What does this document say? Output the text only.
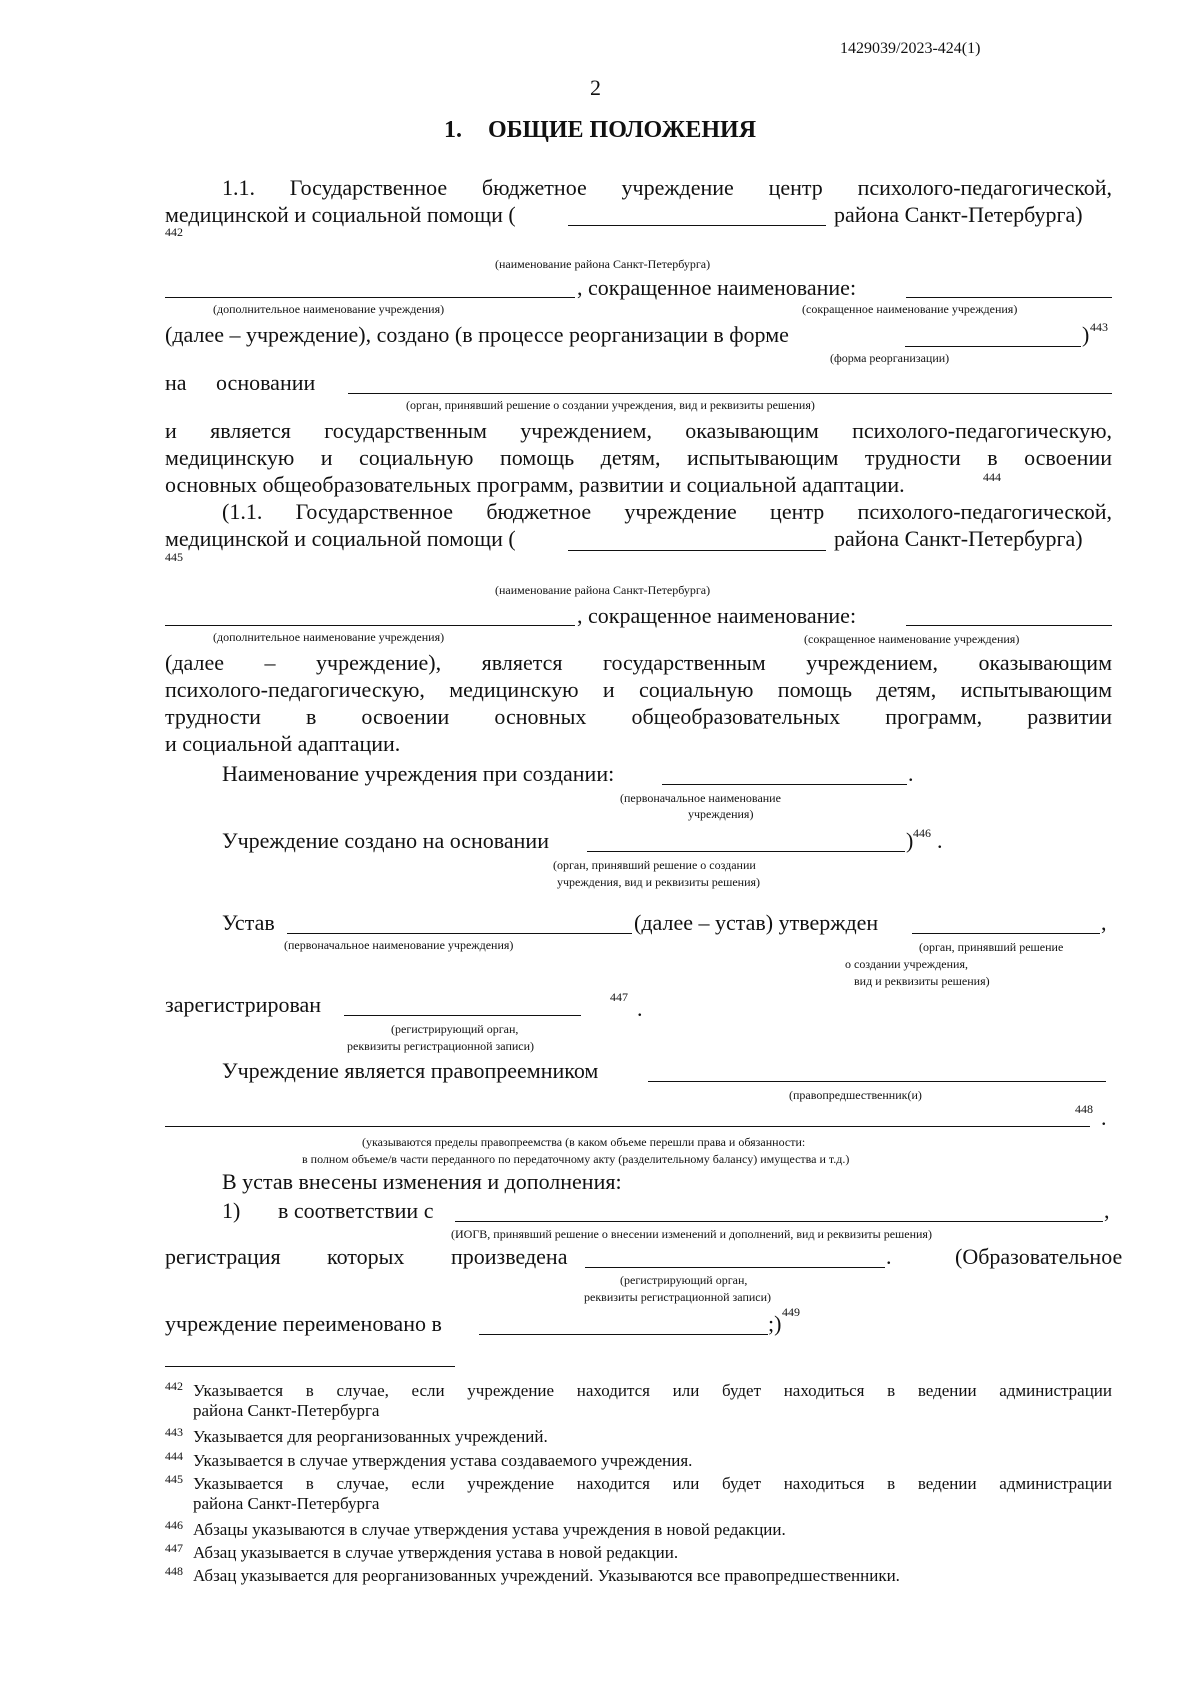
1429039/2023-424(1)
2
1. ОБЩИЕ ПОЛОЖЕНИЯ
1.1. Государственное бюджетное учреждение центр психолого-педагогической,
медицинской и социальной помощи (	района Санкт-Петербурга)
442
(наименование района Санкт-Петербурга)
, сокращенное наименование:
(дополнительное наименование учреждения)	(сокращенное наименование учреждения)
(далее – учреждение), создано (в процессе реорганизации в форме	) 443
(форма реорганизации)
на основании
(орган, принявший решение о создании учреждения, вид и реквизиты решения)
и является государственным учреждением, оказывающим психолого-педагогическую,
медицинскую и социальную помощь детям, испытывающим трудности в освоении
основных общеобразовательных программ, развитии и социальной адаптации.	444
(1.1. Государственное бюджетное учреждение центр психолого-педагогической,
медицинской и социальной помощи (	района Санкт-Петербурга)
445
(наименование района Санкт-Петербурга)
, сокращенное наименование:
(дополнительное наименование учреждения)	(сокращенное наименование учреждения)
(далее – учреждение), является государственным учреждением, оказывающим
психолого-педагогическую, медицинскую и социальную помощь детям, испытывающим
трудности в освоении основных общеобразовательных программ, развитии
и социальной адаптации.
Наименование учреждения при создании:	.
(первоначальное наименование
учреждения)
Учреждение создано на основании	) 446 .
(орган, принявший решение о создании
учреждения, вид и реквизиты решения)
Устав	(далее – устав) утвержден	,
(первоначальное наименование учреждения)	(орган, принявший решение
о создании учреждения,
вид и реквизиты решения)
зарегистрирован	447 .
(регистрирующий орган,
реквизиты регистрационной записи)
Учреждение является правопреемником
(правопредшественник(и)
448 .
(указываются пределы правопреемства (в каком объеме перешли права и обязанности:
в полном объеме/в части переданного по передаточному акту (разделительному балансу) имущества и т.д.)
В устав внесены изменения и дополнения:
1) в соответствии с	,
(ИОГВ, принявший решение о внесении изменений и дополнений, вид и реквизиты решения)
регистрация которых произведена	.	(Образовательное
(регистрирующий орган,
реквизиты регистрационной записи)
учреждение переименовано в	;) 449
442 Указывается в случае, если учреждение находится или будет находиться в ведении администрации
района Санкт-Петербурга
443 Указывается для реорганизованных учреждений.
444 Указывается в случае утверждения устава создаваемого учреждения.
445 Указывается в случае, если учреждение находится или будет находиться в ведении администрации
района Санкт-Петербурга
446 Абзацы указываются в случае утверждения устава учреждения в новой редакции.
447 Абзац указывается в случае утверждения устава в новой редакции.
448 Абзац указывается для реорганизованных учреждений. Указываются все правопредшественники.
